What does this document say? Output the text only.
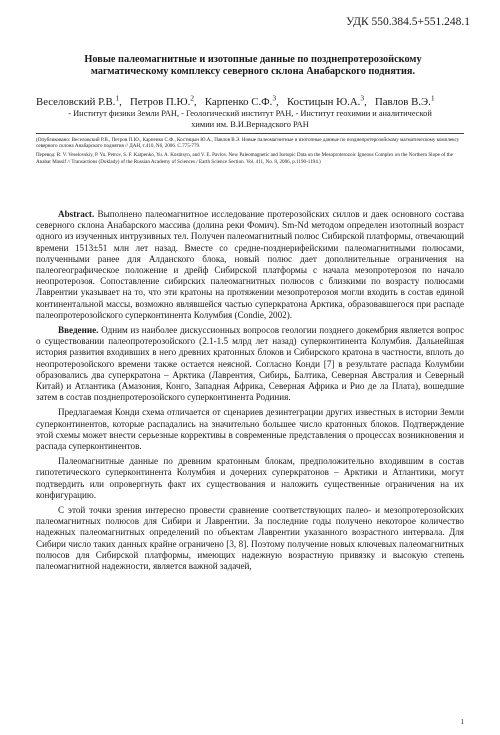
УДК 550.384.5+551.248.1
Новые палеомагнитные и изотопные данные по позднепротерозойскому магматическому комплексу северного склона Анабарского поднятия.
Веселовский Р.В.$^1$,   Петров П.Ю.$^2$,   Карпенко С.Ф.$^3$,   Костицын Ю.А.$^3$,   Павлов В.Э.$^1$
- Институт физики Земли РАН, - Геологический институт РАН, - Институт геохимии и аналитической
химии им. В.И.Вернадского РАН

(Опубликовано: Веселовский Р.В., Петров П.Ю., Карпенко С.Ф., Костицын Ю.А., Павлов В.Э. Новые палеомагнитные и изотопные данные по позднепротерозойскому магматическому комплексу северного склона Анабарского поднятия // ДАН, т.410, N6, 2006. С.775-779.

Перевод: R. V. Veselovskiy, P. Yu. Petrov, S. F. Karpenko, Yu. A. Kostitsyn, and V. E. Pavlov. New Paleomagnetic and Isotopic Data on the Mesoproterozoic Igneous Complex on the Northern Slope of the Anabar Massif // Transactions (Doklady) of the Russian Academy of Sciences / Earth Science Section. Vol. 411, No. 8, 2006, p.1190-1194.)

Abstract. Выполнено палеомагнитное исследование протерозойских силлов и даек основного состава северного склона Анабарского массива (долина реки Фомич). Sm-Nd методом определен изотопный возраст одного из изученных интрузивных тел. Получен палеомагнитный полюс Сибирской платформы, отвечающий времени 1513±51 млн лет назад. Вместе со средне-позднерифейскими палеомагнитными полюсами, полученными ранее для Алданского блока, новый полюс дает дополнительные ограничения на палеогеографическое положение и дрейф Сибирской платформы с начала мезопротерозоя по начало неопротерозоя. Сопоставление сибирских палеомагнитных полюсов с близкими по возрасту полюсами Лаврентии указывает на то, что эти кратоны на протяжении мезопротерозоя могли входить в состав единой континентальной массы, возможно являвшейся частью суперкратона Арктика, образовавшегося при распаде палеопротерозойского суперконтинента Колумбия (Condie, 2002).

Введение. Одним из наиболее дискуссионных вопросов геологии позднего докембрия является вопрос о существовании палеопротерозойского (2.1-1.5 млрд лет назад) суперконтинента Колумбия. Дальнейшая история развития входивших в него древних кратонных блоков и Сибирского кратона в частности, вплоть до неопротерозойского времени также остается неясной. Согласно Конди [7] в результате распада Колумбии образовались два суперкратона – Арктика (Лаврентия, Сибирь, Балтика, Северная Австралия и Северный Китай) и Атлантика (Амазония, Конго, Западная Африка, Северная Африка и Рио де ла Плата), вошедшие затем в состав позднепротерозойского суперконтинента Родиния.

Предлагаемая Конди схема отличается от сценариев дезинтеграции других известных в истории Земли суперконтинентов, которые распадались на значительно большее число кратонных блоков. Подтверждение этой схемы может внести серьезные коррективы в современные представления о процессах возникновения и распада суперконтинентов.

Палеомагнитные данные по древним кратонным блокам, предположительно входившим в состав гипотетического суперконтинента Колумбия и дочерних суперкратонов – Арктики и Атлантики, могут подтвердить или опровергнуть факт их существования и наложить существенные ограничения на их конфигурацию.

С этой точки зрения интересно провести сравнение соответствующих палео- и мезопротерозойских палеомагнитных полюсов для Сибири и Лаврентии. За последние годы получено некоторое количество надежных палеомагнитных определений по объектам Лаврентии указанного возрастного интервала. Для Сибири число таких данных крайне ограничено [3, 8]. Поэтому получение новых ключевых палеомагнитных полюсов для Сибирской платформы, имеющих надежную возрастную привязку и высокую степень палеомагнитной надежности, является важной задачей,

1
